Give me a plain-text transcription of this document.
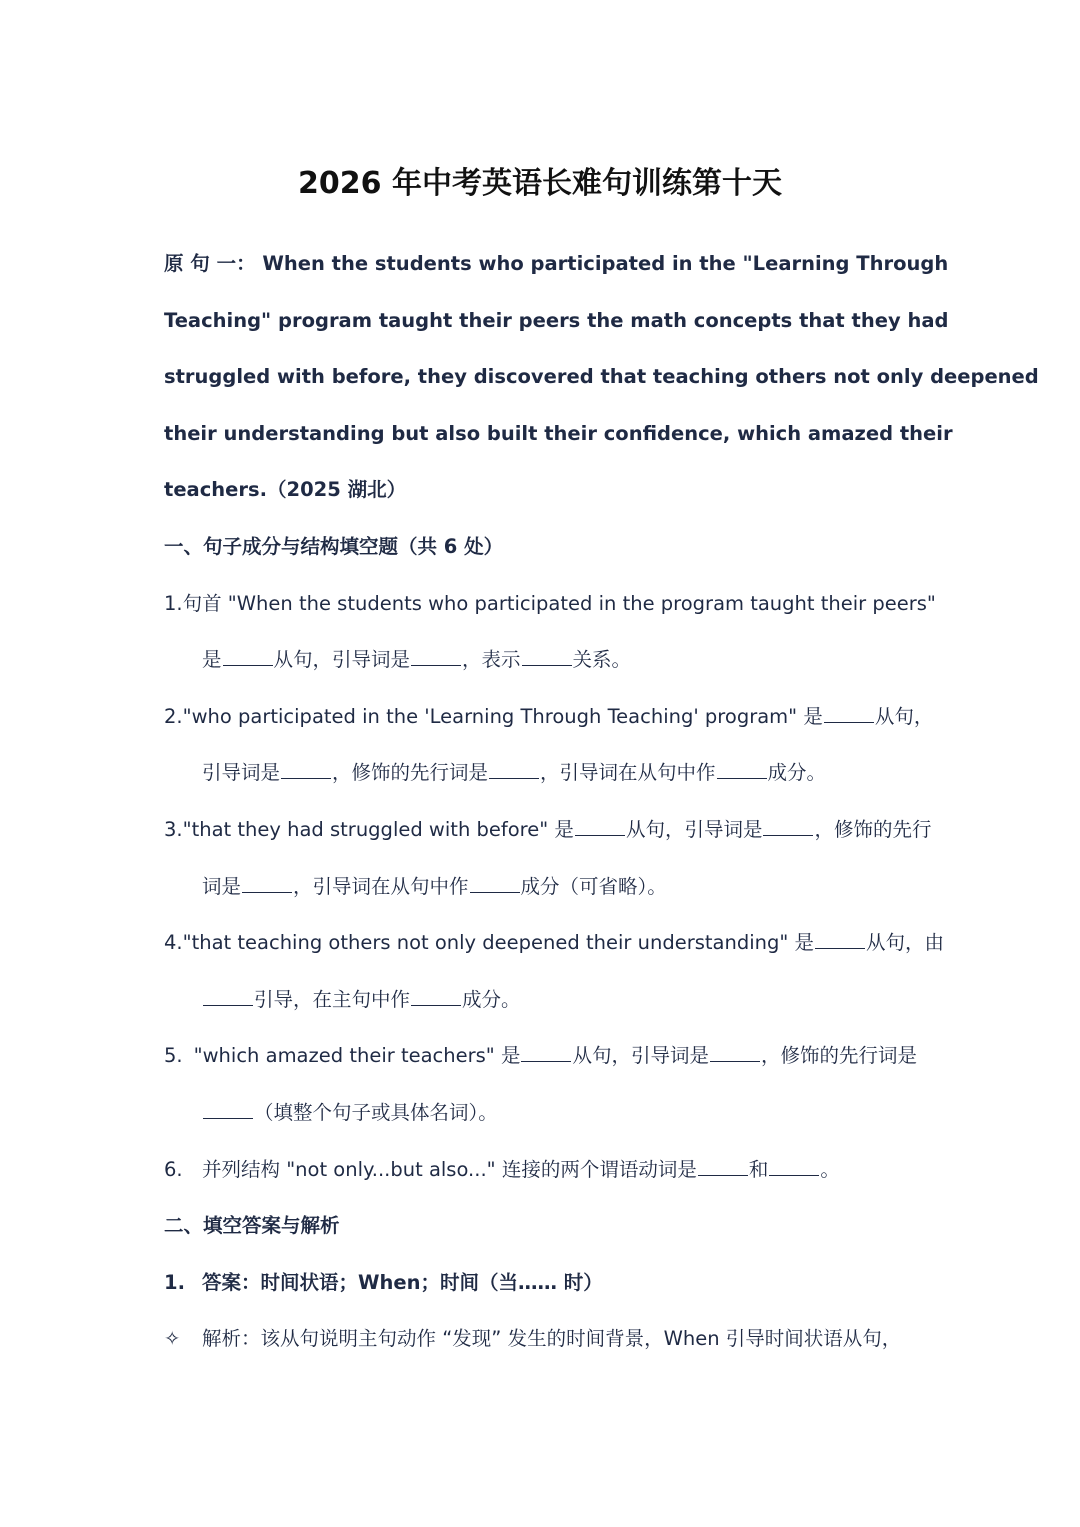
2026 年中考英语长难句训练第十天
原 句 一： When the students who participated in the "Learning Through
Teaching" program taught their peers the math concepts that they had
struggled with before, they discovered that teaching others not only deepened
their understanding but also built their confidence, which amazed their
teachers.（2025 湖北）
一、句子成分与结构填空题（共 6 处）
1. 句首 "When the students who participated in the program taught their peers"
是	从句，引导词是	，表示	关系。
2. "who participated in the 'Learning Through Teaching' program" 是	从句，
引导词是	，修饰的先行词是	，引导词在从句中作	成分。
3. "that they had struggled with before" 是	从句，引导词是	，修饰的先行
词是	，引导词在从句中作	成分（可省略）。
4. "that teaching others not only deepened their understanding" 是	从句，由
引导，在主句中作	成分。
5. "which amazed their teachers" 是	从句，引导词是	，修饰的先行词是
（填整个句子或具体名词）。
6. 并列结构 "not only...but also..." 连接的两个谓语动词是	和	。
二、填空答案与解析
1. 答案：时间状语；When；时间（当…… 时）
✧	解析：该从句说明主句动作 “发现” 发生的时间背景，When 引导时间状语从句，
